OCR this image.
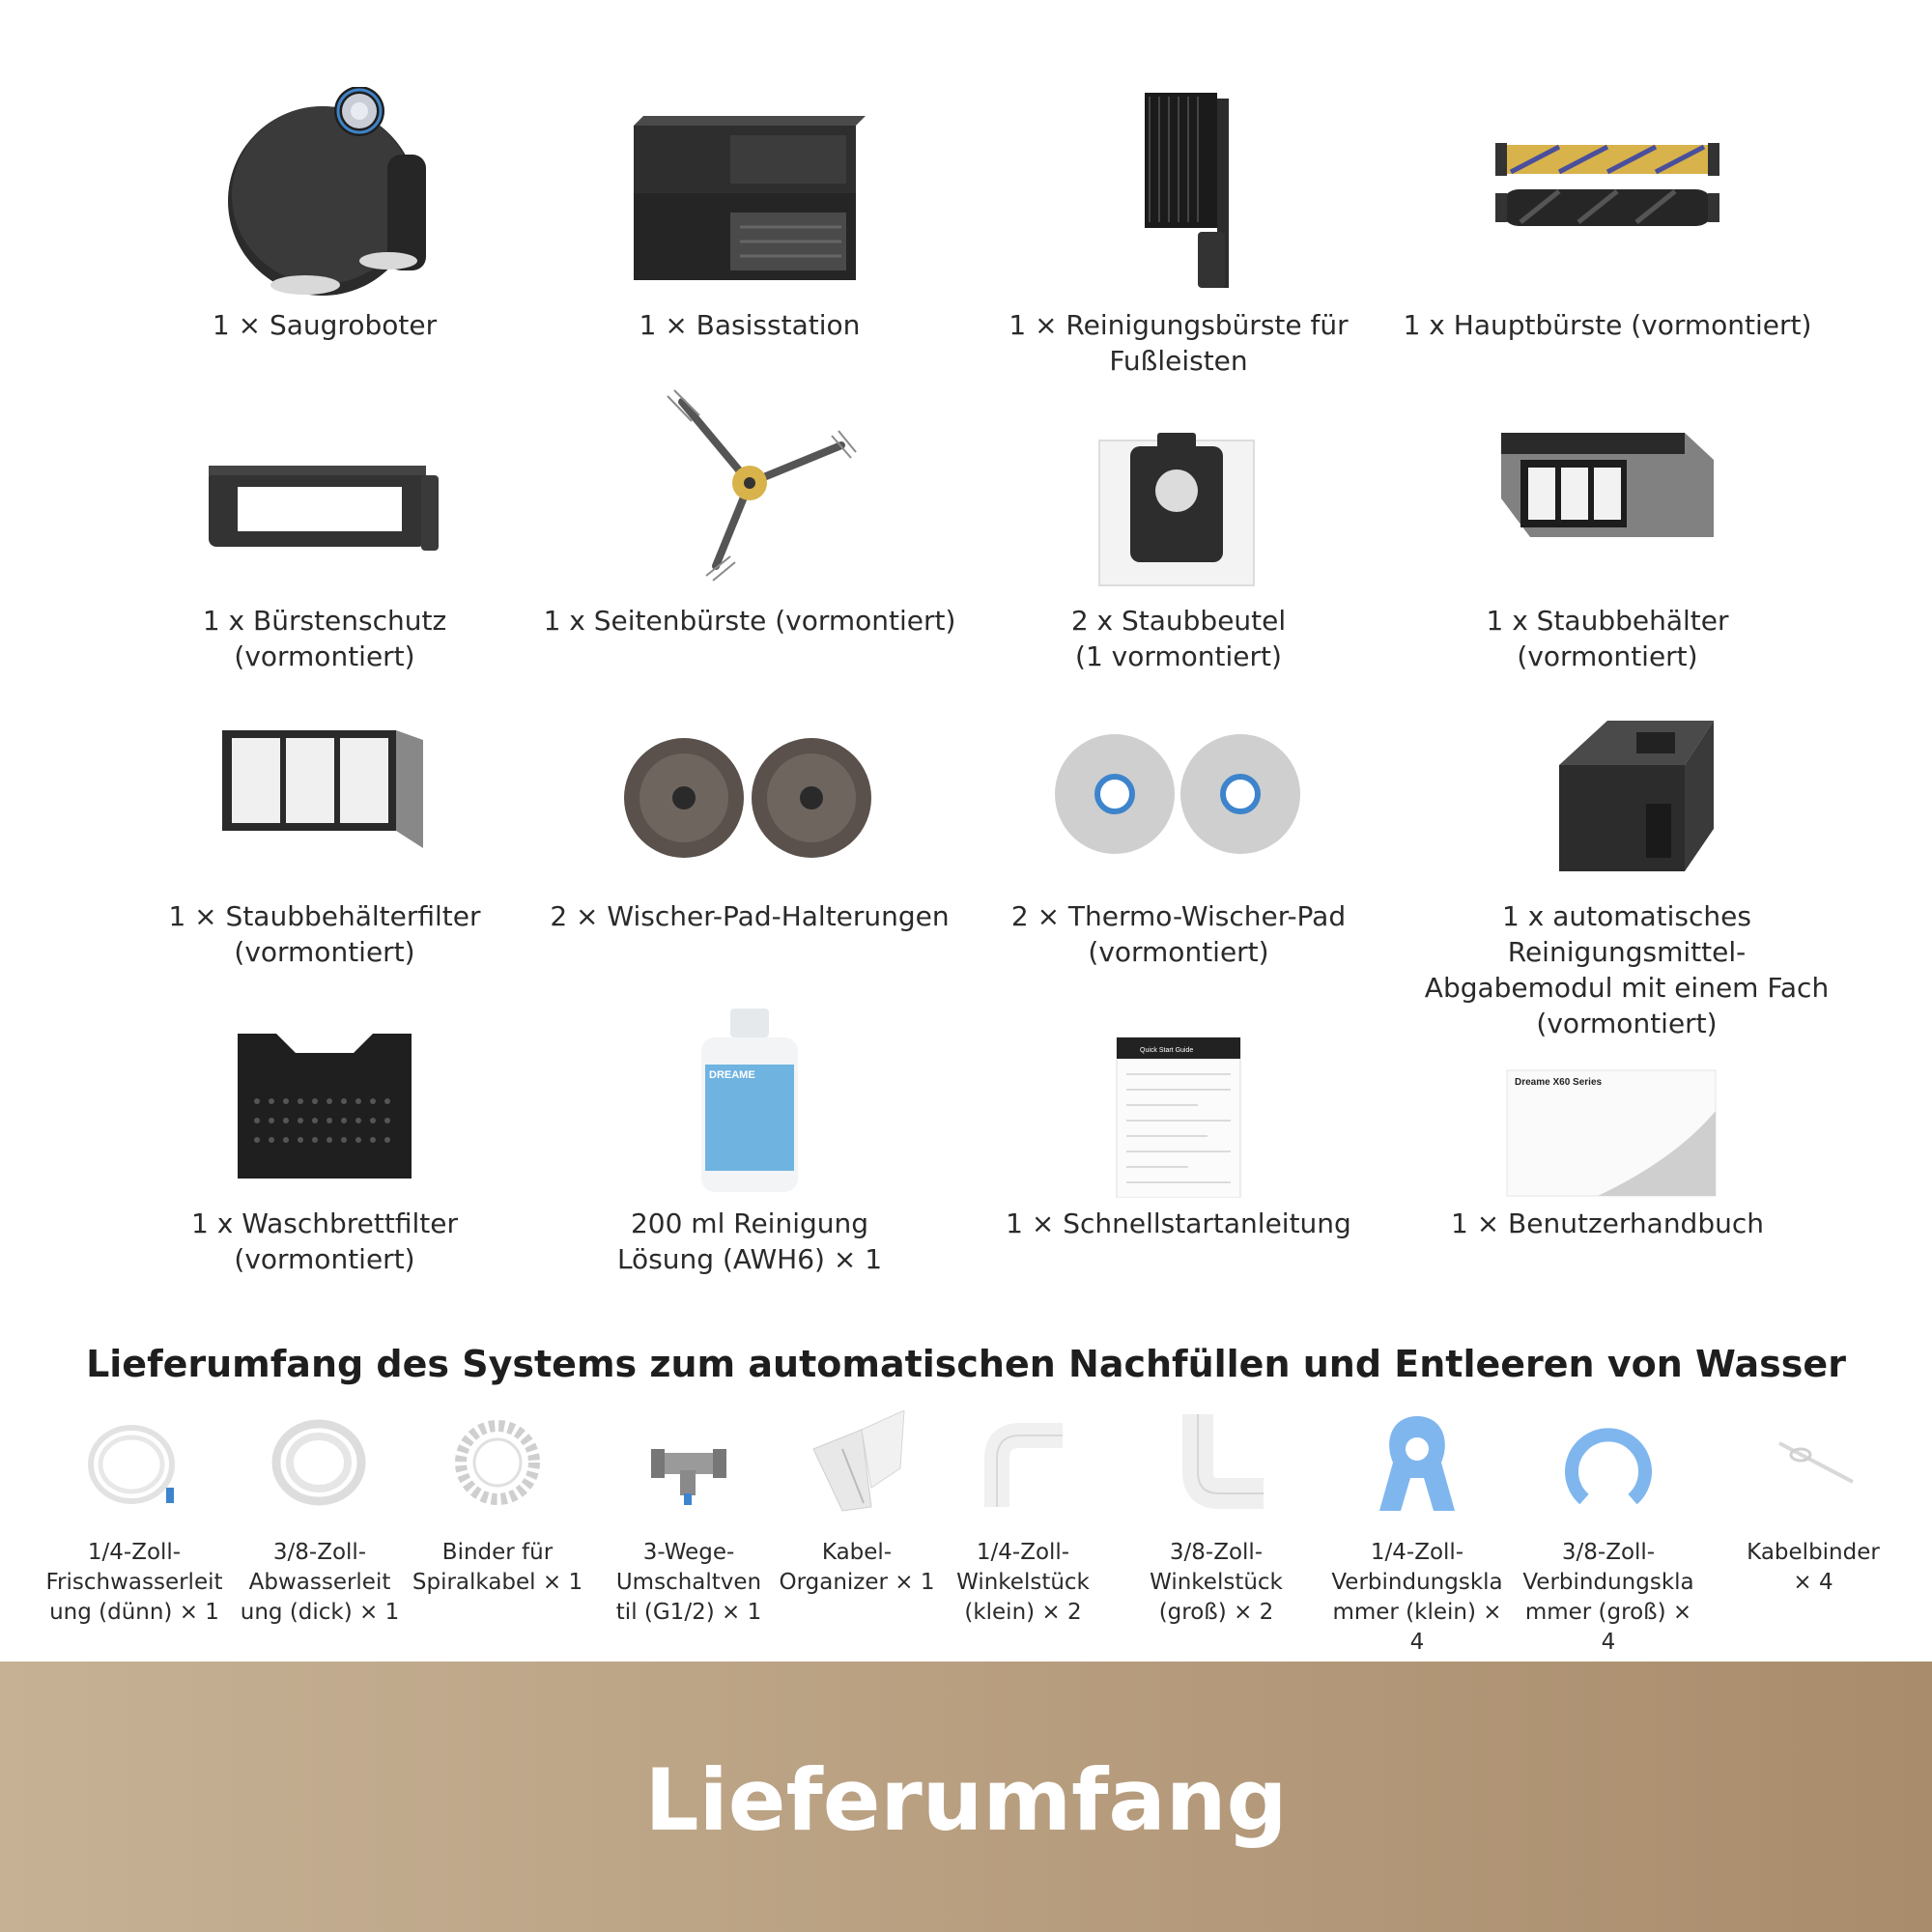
1 × Saugroboter	1 × Basisstation	1 × Reinigungsbürste für
Fußleisten
1 x Hauptbürste (vormontiert)
1 x Bürstenschutz
(vormontiert)
1 x Seitenbürste (vormontiert)	2 x Staubbeutel
(1 vormontiert)
1 x Staubbehälter
(vormontiert)
1 × Staubbehälterfilter
(vormontiert)
2 × Wischer-Pad-Halterungen	2 × Thermo-Wischer-Pad
(vormontiert)
1 x automatisches Reinigungsmittel-
Abgabemodul mit einem Fach
(vormontiert)
1 x Waschbrettfilter
(vormontiert)
DREAME
200 ml Reinigung
Lösung (AWH6) × 1
Quick Start Guide
1 × Schnellstartanleitung
Dreame X60 Series
1 × Benutzerhandbuch
Lieferumfang des Systems zum automatischen Nachfüllen und Entleeren von Wasser
1/4-Zoll-
Frischwasserleit
ung (dünn) × 1
3/8-Zoll-
Abwasserleit
ung (dick) × 1
Binder für
Spiralkabel × 1
3-Wege-
Umschaltven
til (G1/2) × 1
Kabel-
Organizer × 1
1/4-Zoll-
Winkelstück
(klein) × 2
3/8-Zoll-
Winkelstück
(groß) × 2
1/4-Zoll-
Verbindungskla
mmer (klein) × 4
3/8-Zoll-
Verbindungskla
mmer (groß) × 4
Kabelbinder
× 4
Lieferumfang
